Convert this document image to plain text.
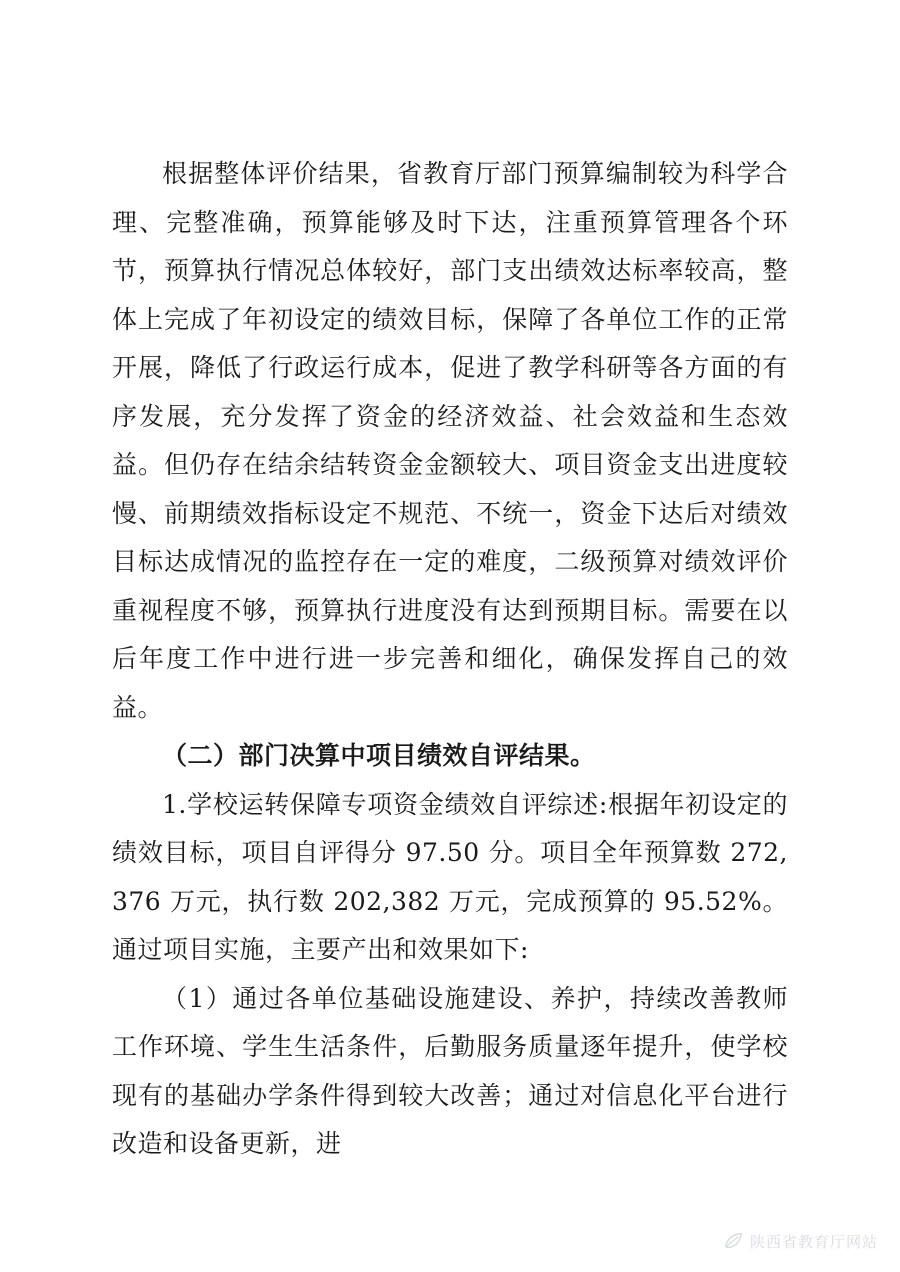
根据整体评价结果，省教育厅部门预算编制较为科学合理、完整准确，预算能够及时下达，注重预算管理各个环节，预算执行情况总体较好，部门支出绩效达标率较高，整体上完成了年初设定的绩效目标，保障了各单位工作的正常开展，降低了行政运行成本，促进了教学科研等各方面的有序发展，充分发挥了资金的经济效益、社会效益和生态效益。但仍存在结余结转资金金额较大、项目资金支出进度较慢、前期绩效指标设定不规范、不统一，资金下达后对绩效目标达成情况的监控存在一定的难度，二级预算对绩效评价重视程度不够，预算执行进度没有达到预期目标。需要在以后年度工作中进行进一步完善和细化，确保发挥自己的效益。

（二）部门决算中项目绩效自评结果。

1.学校运转保障专项资金绩效自评综述:根据年初设定的绩效目标，项目自评得分 97.50 分。项目全年预算数 272,376 万元，执行数 202,382 万元，完成预算的 95.52%。通过项目实施，主要产出和效果如下:

（1）通过各单位基础设施建设、养护，持续改善教师工作环境、学生生活条件，后勤服务质量逐年提升，使学校现有的基础办学条件得到较大改善；通过对信息化平台进行改造和设备更新，进

陕西省教育厅网站
